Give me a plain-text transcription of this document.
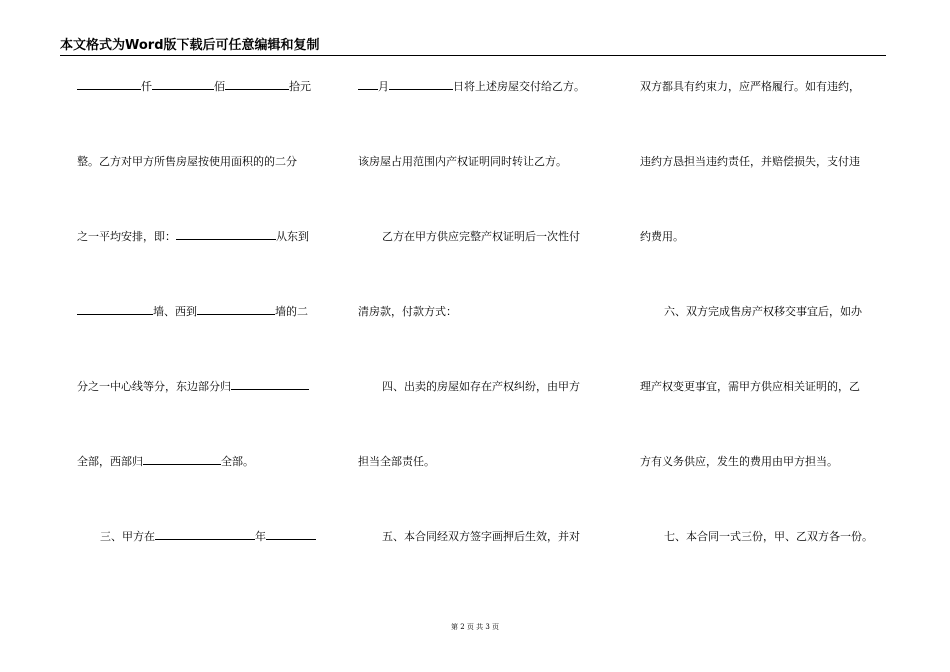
本文格式为Word版下载后可任意编辑和复制
仟	佰	拾元
整。乙方对甲方所售房屋按使用面积的的二分
之一平均安排，即：	从东到
墙、西到	墙的二
分之一中心线等分，东边部分归
全部，西部归	全部。
三、甲方在	年
月	日将上述房屋交付给乙方。
该房屋占用范围内产权证明同时转让乙方。
乙方在甲方供应完整产权证明后一次性付
清房款，付款方式：
四、出卖的房屋如存在产权纠纷，由甲方
担当全部责任。
五、本合同经双方签字画押后生效，并对
双方都具有约束力，应严格履行。如有违约，
违约方恳担当违约责任，并赔偿损失，支付违
约费用。
六、双方完成售房产权移交事宜后，如办
理产权变更事宜，需甲方供应相关证明的，乙
方有义务供应，发生的费用由甲方担当。
七、本合同一式三份，甲、乙双方各一份。
第 2 页 共 3 页
